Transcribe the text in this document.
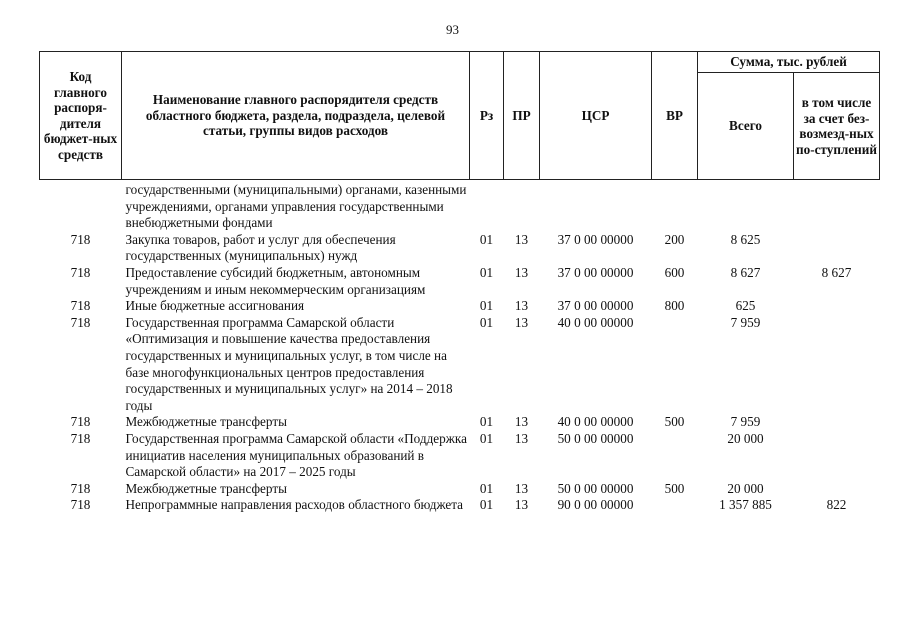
93
Код главного распоря-дителя бюджет-ных средств	Наименование главного распорядителя средств областного бюджета, раздела, подраздела, целевой статьи, группы видов расходов	Рз	ПР	ЦСР	ВР	Сумма, тыс. рублей	
						Всего	в том числе за счет без-возмезд-ных по-ступлений
	государственными (муниципальными) органами, казенными учреждениями, органами управления государственными внебюджетными фондами						
718	Закупка товаров, работ и услуг для обеспечения государственных (муниципальных) нужд	01	13	37 0 00 00000	200	8 625	
718	Предоставление субсидий бюджетным, автономным учреждениям и иным некоммерческим организациям	01	13	37 0 00 00000	600	8 627	8 627
718	Иные бюджетные ассигнования	01	13	37 0 00 00000	800	625	
718	Государственная программа Самарской области «Оптимизация и повышение качества предоставления государственных и муниципальных услуг, в том числе на базе многофункциональных центров предоставления государственных и муниципальных услуг» на 2014 – 2018 годы	01	13	40 0 00 00000		7 959	
718	Межбюджетные трансферты	01	13	40 0 00 00000	500	7 959	
718	Государственная программа Самарской области «Поддержка инициатив населения муниципальных образований в Самарской области» на 2017 – 2025 годы	01	13	50 0 00 00000		20 000	
718	Межбюджетные трансферты	01	13	50 0 00 00000	500	20 000	
718	Непрограммные направления расходов областного бюджета	01	13	90 0 00 00000		1 357 885	822
